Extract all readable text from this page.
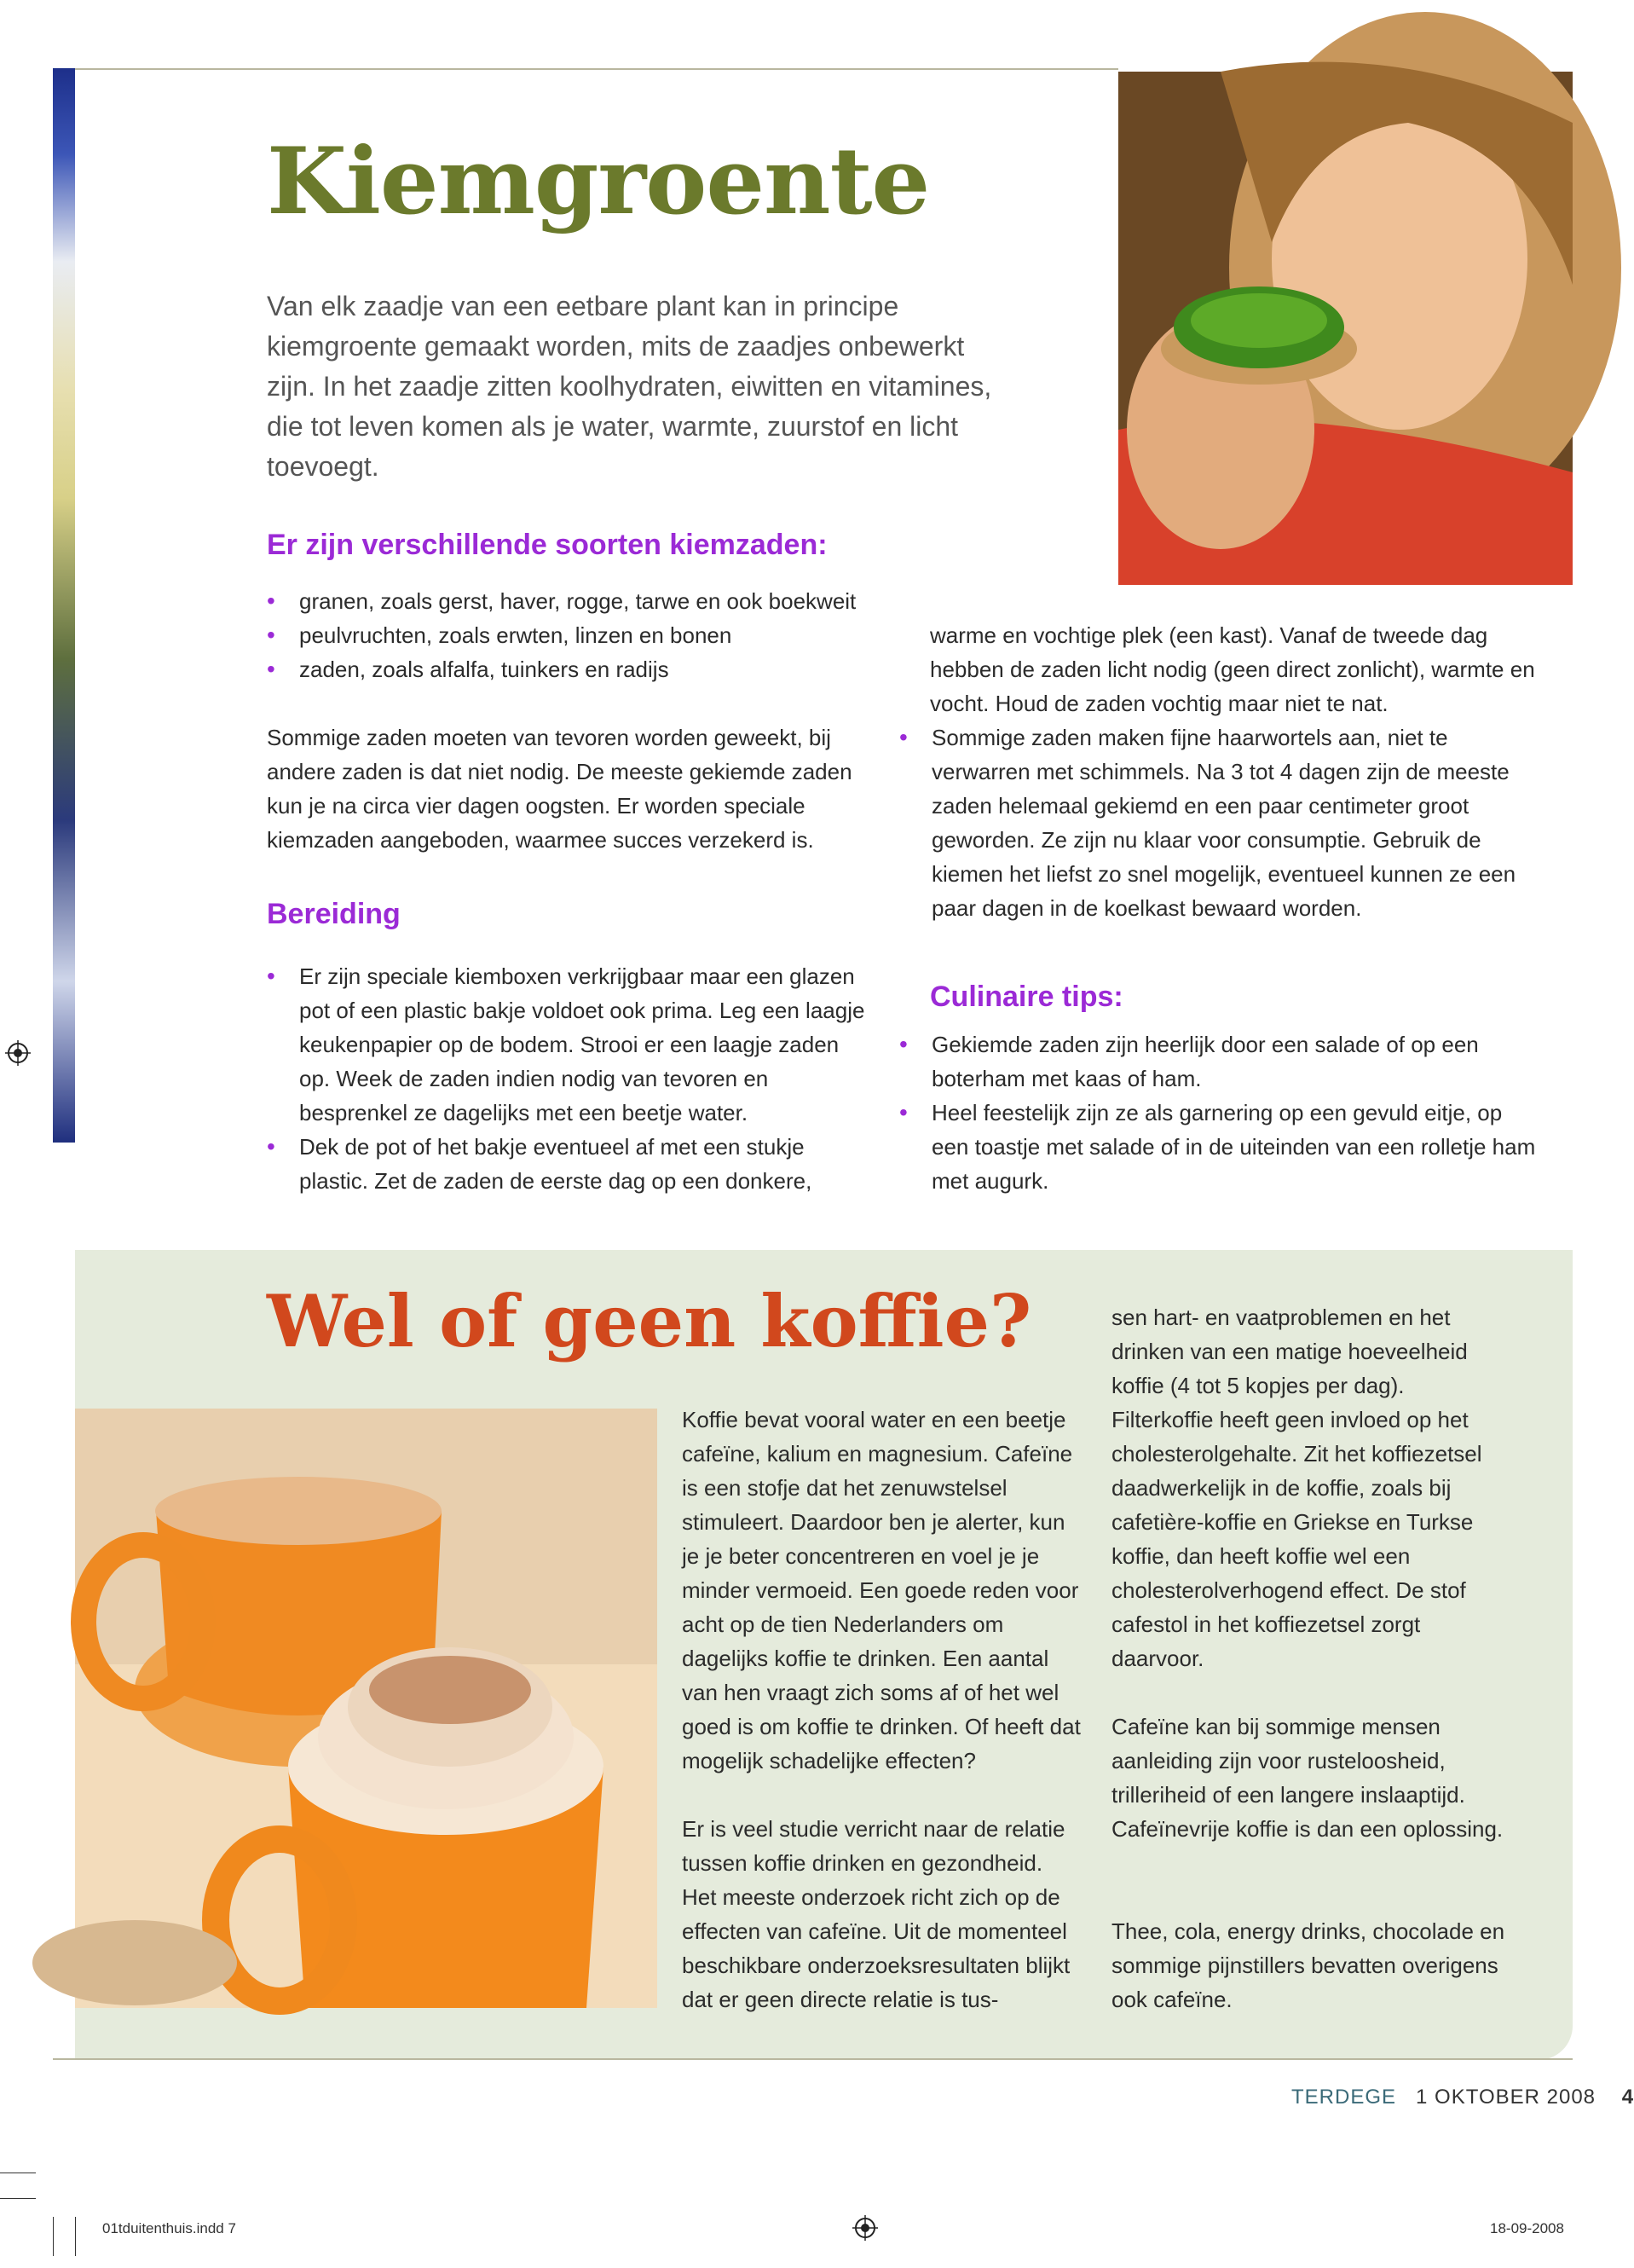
Kiemgroente
Van elk zaadje van een eetbare plant kan in principe kiemgroente gemaakt worden, mits de zaadjes onbewerkt zijn. In het zaadje zitten koolhydraten, eiwitten en vitamines, die tot leven komen als je water, warmte, zuurstof en licht toevoegt.
Er zijn verschillende soorten kiemzaden:
• granen, zoals gerst, haver, rogge, tarwe en ook boekweit
• peulvruchten, zoals erwten, linzen en bonen
• zaden, zoals alfalfa, tuinkers en radijs
Sommige zaden moeten van tevoren worden geweekt, bij andere zaden is dat niet nodig. De meeste gekiemde zaden kun je na circa vier dagen oogsten. Er worden speciale kiemzaden aangeboden, waarmee succes verzekerd is.
Bereiding
• Er zijn speciale kiemboxen verkrijgbaar maar een glazen pot of een plastic bakje voldoet ook prima. Leg een laagje keukenpapier op de bodem. Strooi er een laagje zaden op. Week de zaden indien nodig van tevoren en besprenkel ze dagelijks met een beetje water.
• Dek de pot of het bakje eventueel af met een stukje plastic. Zet de zaden de eerste dag op een donkere,
warme en vochtige plek (een kast). Vanaf de tweede dag hebben de zaden licht nodig (geen direct zonlicht), warmte en vocht. Houd de zaden vochtig maar niet te nat.
• Sommige zaden maken fijne haarwortels aan, niet te verwarren met schimmels. Na 3 tot 4 dagen zijn de meeste zaden helemaal gekiemd en een paar centimeter groot geworden. Ze zijn nu klaar voor consumptie. Gebruik de kiemen het liefst zo snel mogelijk, eventueel kunnen ze een paar dagen in de koelkast bewaard worden.
Culinaire tips:
• Gekiemde zaden zijn heerlijk door een salade of op een boterham met kaas of ham.
• Heel feestelijk zijn ze als garnering op een gevuld eitje, op een toastje met salade of in de uiteinden van een rolletje ham met augurk.
Wel of geen koffie?
Koffie bevat vooral water en een beetje cafeïne, kalium en magnesium. Cafeïne is een stofje dat het zenuwstelsel stimuleert. Daardoor ben je alerter, kun je je beter concentreren en voel je je minder vermoeid. Een goede reden voor acht op de tien Nederlanders om dagelijks koffie te drinken. Een aantal van hen vraagt zich soms af of het wel goed is om koffie te drinken. Of heeft dat mogelijk schadelijke effecten?
Er is veel studie verricht naar de relatie tussen koffie drinken en gezondheid. Het meeste onderzoek richt zich op de effecten van cafeïne. Uit de momenteel beschikbare onderzoeksresultaten blijkt dat er geen directe relatie is tus-
sen hart- en vaatproblemen en het drinken van een matige hoeveelheid koffie (4 tot 5 kopjes per dag). Filterkoffie heeft geen invloed op het cholesterolgehalte. Zit het koffiezetsel daadwerkelijk in de koffie, zoals bij cafetière-koffie en Griekse en Turkse koffie, dan heeft koffie wel een cholesterolverhogend effect. De stof cafestol in het koffiezetsel zorgt daarvoor.
Cafeïne kan bij sommige mensen aanleiding zijn voor rusteloosheid, trilleriheid of een langere inslaaptijd. Cafeïnevrije koffie is dan een oplossing.
Thee, cola, energy drinks, chocolade en sommige pijnstillers bevatten overigens ook cafeïne.
TERDEGE 1 OKTOBER 2008 4
01tduitenthuis.indd 7	18-09-2008
